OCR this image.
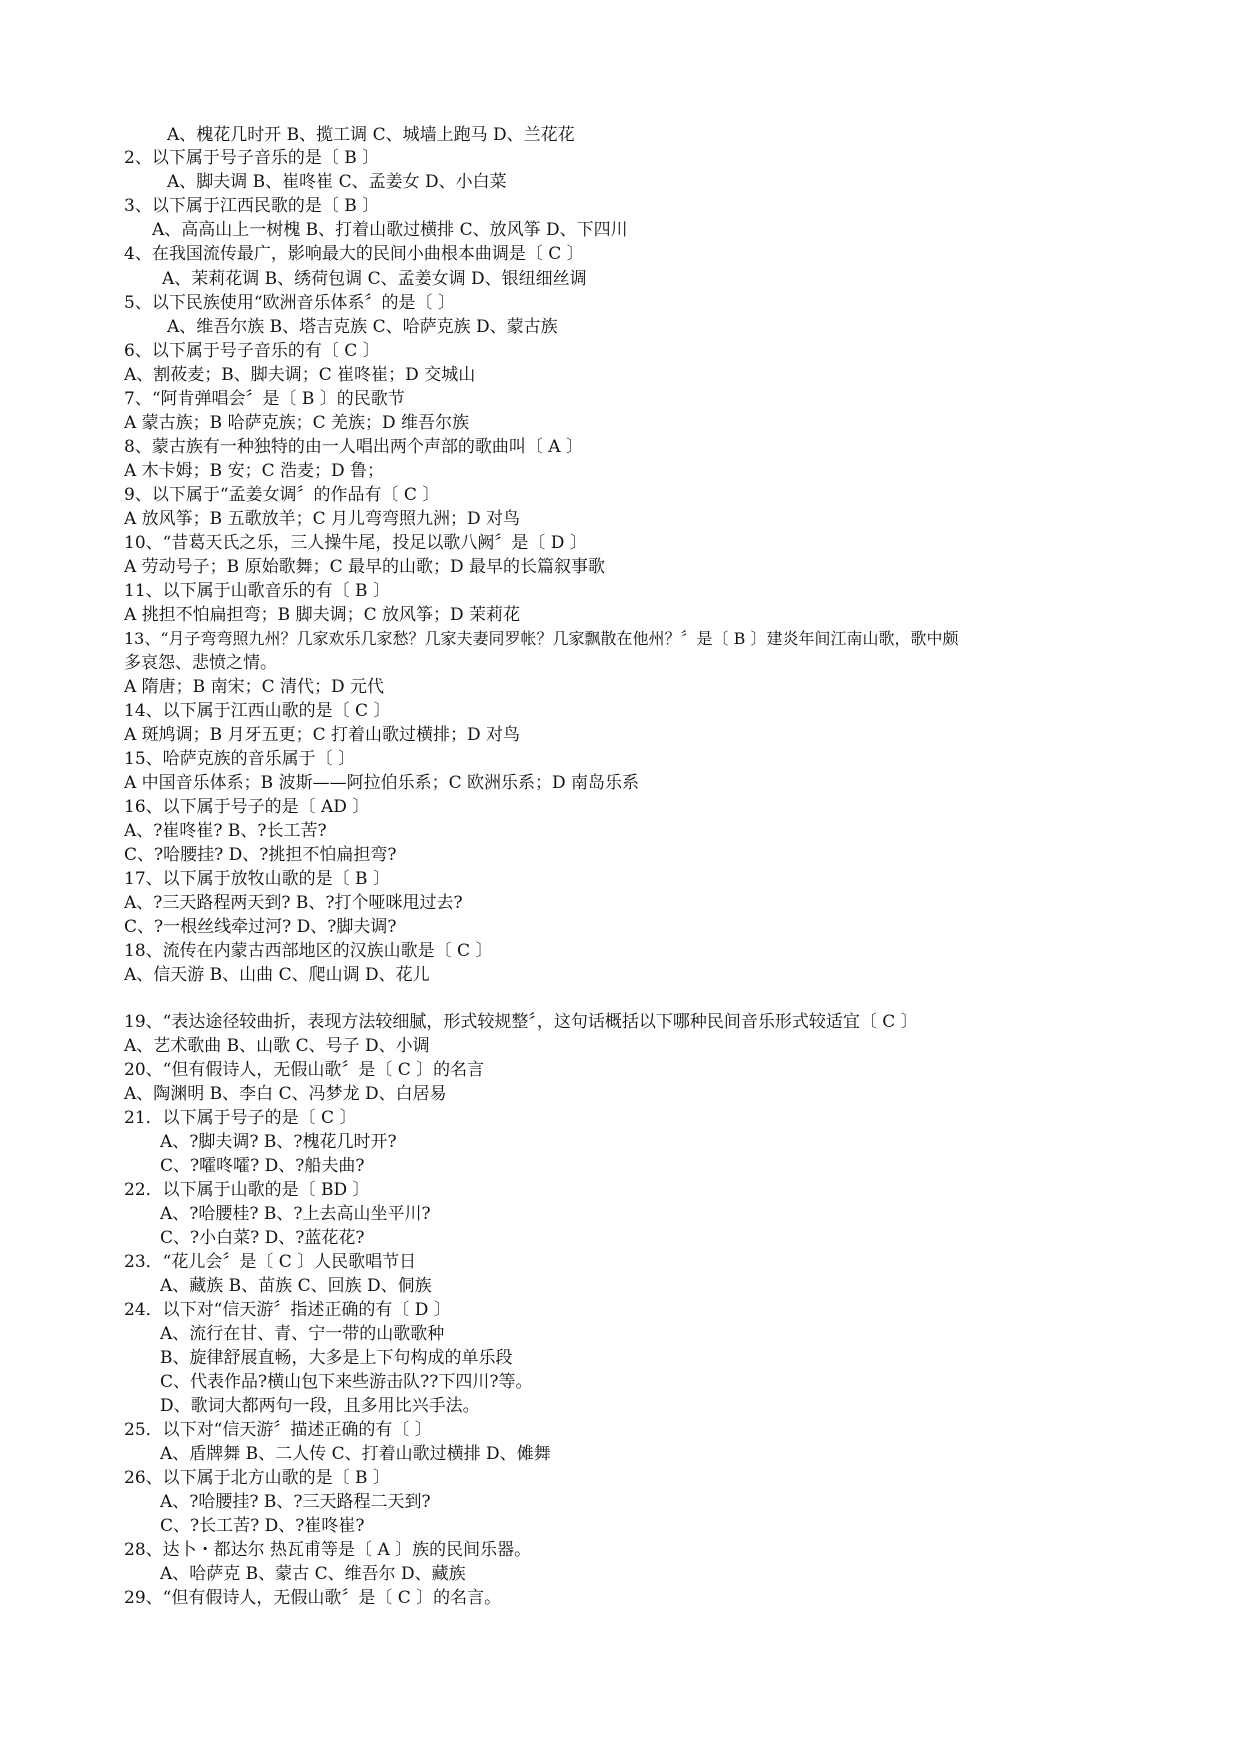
A、槐花几时开 B、揽工调 C、城墙上跑马 D、兰花花
2、以下属于号子音乐的是〔 B 〕
A、脚夫调 B、崔咚崔 C、孟姜女 D、小白菜
3、以下属于江西民歌的是〔 B 〕
A、高高山上一树槐 B、打着山歌过横排 C、放风筝 D、下四川
4、在我国流传最广，影响最大的民间小曲根本曲调是〔 C 〕
A、茉莉花调 B、绣荷包调 C、孟姜女调 D、银纽细丝调
5、以下民族使用“欧洲音乐体系〞的是〔 〕
A、维吾尔族 B、塔吉克族 C、哈萨克族 D、蒙古族
6、以下属于号子音乐的有〔 C 〕
A、割莜麦；B、脚夫调；C 崔咚崔；D 交城山
7、“阿肯弹唱会〞是〔 B 〕的民歌节
A 蒙古族；B 哈萨克族；C 羌族；D 维吾尔族
8、蒙古族有一种独特的由一人唱出两个声部的歌曲叫〔 A 〕
A 木卡姆；B 安；C 浩麦；D 鲁；
9、以下属于“孟姜女调〞的作品有〔 C 〕
A 放风筝；B 五歌放羊；C 月儿弯弯照九洲；D 对鸟
10、“昔葛天氏之乐，三人操牛尾，投足以歌八阙〞是〔 D 〕
A 劳动号子；B 原始歌舞；C 最早的山歌；D 最早的长篇叙事歌
11、以下属于山歌音乐的有〔 B 〕
A 挑担不怕扁担弯；B 脚夫调；C 放风筝；D 茉莉花
13、“月子弯弯照九州？几家欢乐几家愁？几家夫妻同罗帐？几家飘散在他州？〞是〔 B 〕建炎年间江南山歌，歌中颇
多哀怨、悲愤之情。
A 隋唐；B 南宋；C 清代；D 元代
14、以下属于江西山歌的是〔 C 〕
A 斑鸠调；B 月牙五更；C 打着山歌过横排；D 对鸟
15、哈萨克族的音乐属于〔 〕
A 中国音乐体系；B 波斯——阿拉伯乐系；C 欧洲乐系；D 南岛乐系
16、以下属于号子的是〔 AD 〕
A、?崔咚崔? B、?长工苦?
C、?哈腰挂? D、?挑担不怕扁担弯?
17、以下属于放牧山歌的是〔 B 〕
A、?三天路程两天到? B、?打个哑咪甩过去?
C、?一根丝线牵过河? D、?脚夫调?
18、流传在内蒙古西部地区的汉族山歌是〔 C 〕
A、信天游 B、山曲 C、爬山调 D、花儿
19、“表达途径较曲折，表现方法较细腻，形式较规整〞，这句话概括以下哪种民间音乐形式较适宜〔 C 〕
A、艺术歌曲 B、山歌 C、号子 D、小调
20、“但有假诗人，无假山歌〞是〔 C 〕的名言
A、陶渊明 B、李白 C、冯梦龙 D、白居易
21．以下属于号子的是〔 C 〕
A、?脚夫调? B、?槐花几时开?
C、?嚯咚嚯? D、?船夫曲?
22．以下属于山歌的是〔 BD 〕
A、?哈腰桂? B、?上去高山坐平川?
C、?小白菜? D、?蓝花花?
23．“花儿会〞是〔 C 〕人民歌唱节日
A、藏族 B、苗族 C、回族 D、侗族
24．以下对“信天游〞指述正确的有〔 D 〕
A、流行在甘、青、宁一带的山歌歌种
B、旋律舒展直畅，大多是上下句构成的单乐段
C、代表作品?横山包下来些游击队??下四川?等。
D、歌词大都两句一段，且多用比兴手法。
25．以下对“信天游〞描述正确的有〔 〕
A、盾牌舞 B、二人传 C、打着山歌过横排 D、傩舞
26、以下属于北方山歌的是〔 B 〕
A、?哈腰挂? B、?三天路程二天到?
C、?长工苦? D、?崔咚崔?
28、达卜・都达尔 热瓦甫等是〔 A 〕族的民间乐器。
A、哈萨克 B、蒙古 C、维吾尔 D、藏族
29、“但有假诗人，无假山歌〞是〔 C 〕的名言。
